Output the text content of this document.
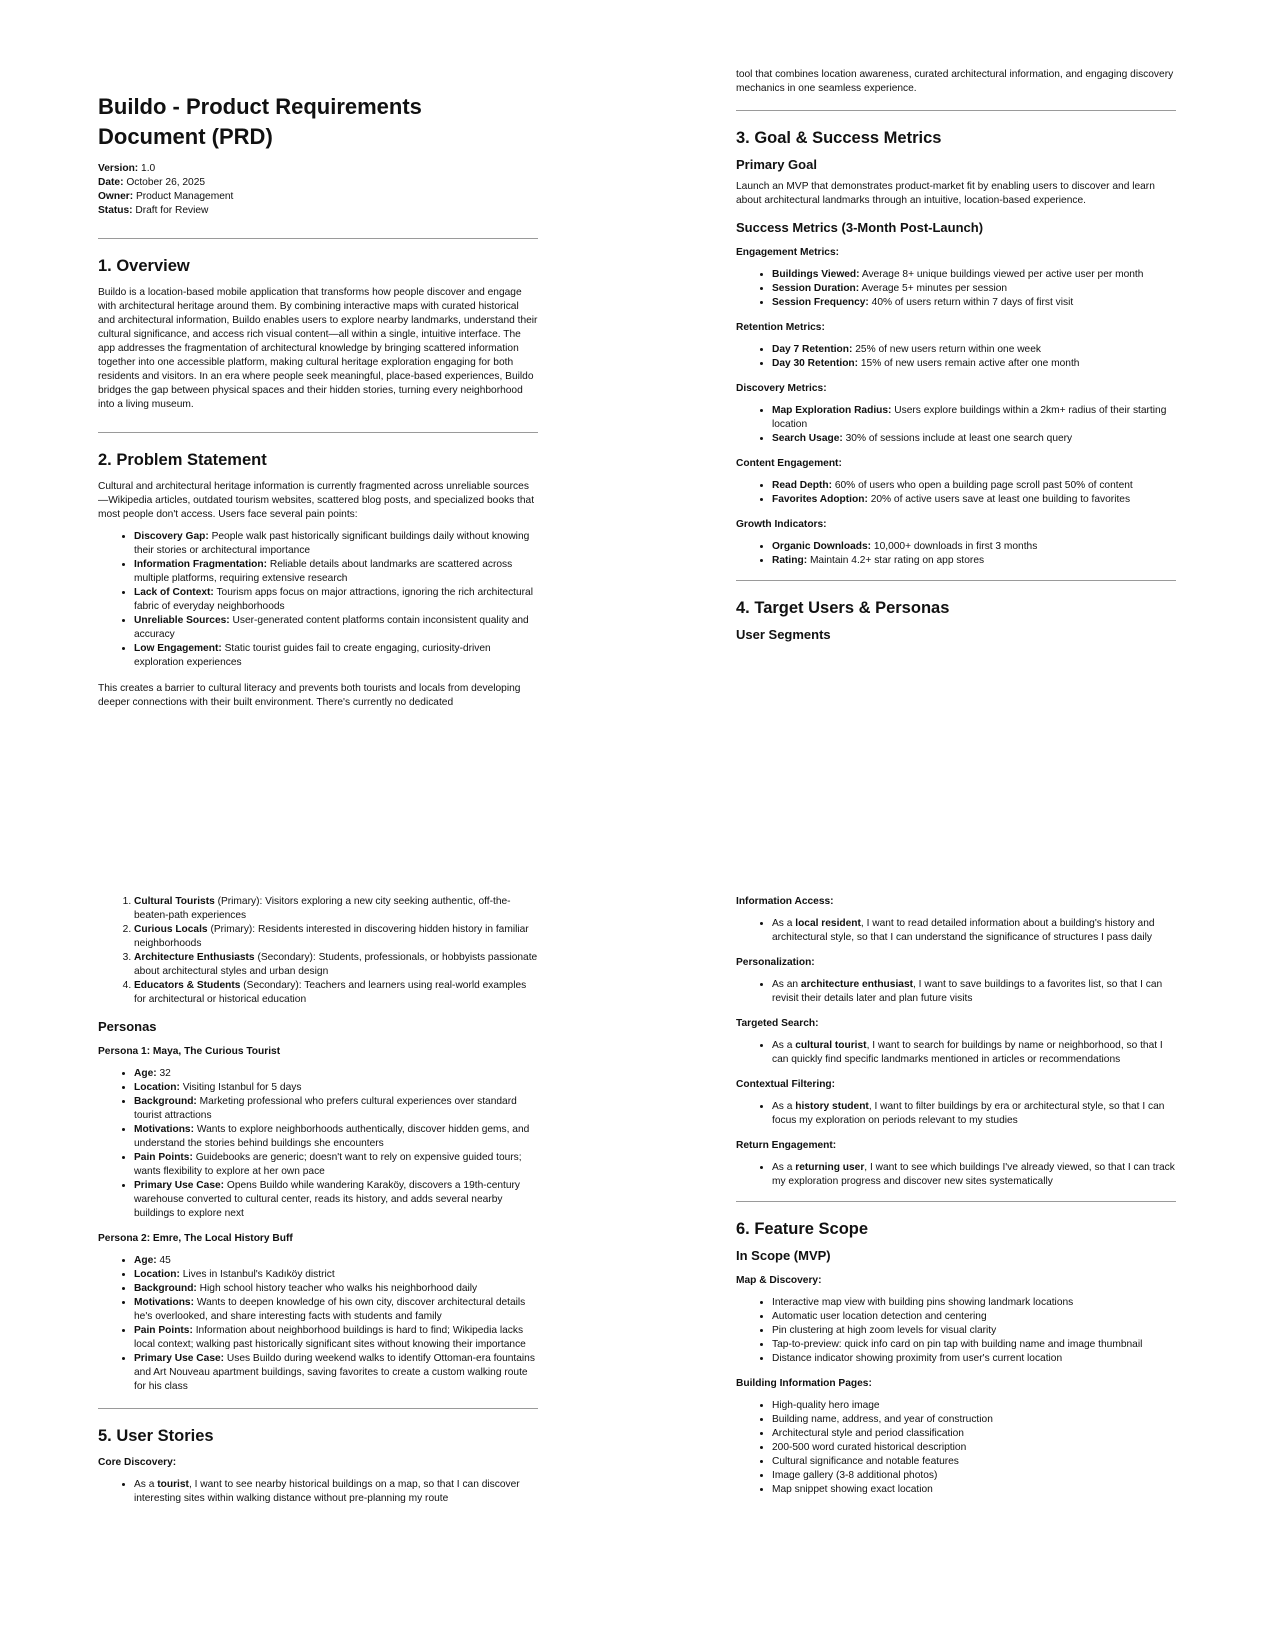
Buildo - Product Requirements Document (PRD)
Version: 1.0
Date: October 26, 2025
Owner: Product Management
Status: Draft for Review
1. Overview

Buildo is a location-based mobile application that transforms how people discover and engage with architectural heritage around them. By combining interactive maps with curated historical and architectural information, Buildo enables users to explore nearby landmarks, understand their cultural significance, and access rich visual content—all within a single, intuitive interface. The app addresses the fragmentation of architectural knowledge by bringing scattered information together into one accessible platform, making cultural heritage exploration engaging for both residents and visitors. In an era where people seek meaningful, place-based experiences, Buildo bridges the gap between physical spaces and their hidden stories, turning every neighborhood into a living museum.

2. Problem Statement

Cultural and architectural heritage information is currently fragmented across unreliable sources—Wikipedia articles, outdated tourism websites, scattered blog posts, and specialized books that most people don't access. Users face several pain points:

• Discovery Gap: People walk past historically significant buildings daily without knowing their stories or architectural importance
• Information Fragmentation: Reliable details about landmarks are scattered across multiple platforms, requiring extensive research
• Lack of Context: Tourism apps focus on major attractions, ignoring the rich architectural fabric of everyday neighborhoods
• Unreliable Sources: User-generated content platforms contain inconsistent quality and accuracy
• Low Engagement: Static tourist guides fail to create engaging, curiosity-driven exploration experiences

This creates a barrier to cultural literacy and prevents both tourists and locals from developing deeper connections with their built environment. There's currently no dedicated

tool that combines location awareness, curated architectural information, and engaging discovery mechanics in one seamless experience.

3. Goal & Success Metrics
Primary Goal

Launch an MVP that demonstrates product-market fit by enabling users to discover and learn about architectural landmarks through an intuitive, location-based experience.

Success Metrics (3-Month Post-Launch)
Engagement Metrics:
• Buildings Viewed: Average 8+ unique buildings viewed per active user per month
• Session Duration: Average 5+ minutes per session
• Session Frequency: 40% of users return within 7 days of first visit
Retention Metrics:
• Day 7 Retention: 25% of new users return within one week
• Day 30 Retention: 15% of new users remain active after one month
Discovery Metrics:
• Map Exploration Radius: Users explore buildings within a 2km+ radius of their starting location
• Search Usage: 30% of sessions include at least one search query
Content Engagement:
• Read Depth: 60% of users who open a building page scroll past 50% of content
• Favorites Adoption: 20% of active users save at least one building to favorites
Growth Indicators:
• Organic Downloads: 10,000+ downloads in first 3 months
• Rating: Maintain 4.2+ star rating on app stores
4. Target Users & Personas
User Segments
1. Cultural Tourists (Primary): Visitors exploring a new city seeking authentic, off-the-beaten-path experiences
2. Curious Locals (Primary): Residents interested in discovering hidden history in familiar neighborhoods
3. Architecture Enthusiasts (Secondary): Students, professionals, or hobbyists passionate about architectural styles and urban design
4. Educators & Students (Secondary): Teachers and learners using real-world examples for architectural or historical education
Personas
Persona 1: Maya, The Curious Tourist
• Age: 32
• Location: Visiting Istanbul for 5 days
• Background: Marketing professional who prefers cultural experiences over standard tourist attractions
• Motivations: Wants to explore neighborhoods authentically, discover hidden gems, and understand the stories behind buildings she encounters
• Pain Points: Guidebooks are generic; doesn't want to rely on expensive guided tours; wants flexibility to explore at her own pace
• Primary Use Case: Opens Buildo while wandering Karaköy, discovers a 19th-century warehouse converted to cultural center, reads its history, and adds several nearby buildings to explore next
Persona 2: Emre, The Local History Buff
• Age: 45
• Location: Lives in Istanbul's Kadıköy district
• Background: High school history teacher who walks his neighborhood daily
• Motivations: Wants to deepen knowledge of his own city, discover architectural details he's overlooked, and share interesting facts with students and family
• Pain Points: Information about neighborhood buildings is hard to find; Wikipedia lacks local context; walking past historically significant sites without knowing their importance
• Primary Use Case: Uses Buildo during weekend walks to identify Ottoman-era fountains and Art Nouveau apartment buildings, saving favorites to create a custom walking route for his class
5. User Stories
Core Discovery:
• As a tourist, I want to see nearby historical buildings on a map, so that I can discover interesting sites within walking distance without pre-planning my route
Information Access:
• As a local resident, I want to read detailed information about a building's history and architectural style, so that I can understand the significance of structures I pass daily
Personalization:
• As an architecture enthusiast, I want to save buildings to a favorites list, so that I can revisit their details later and plan future visits
Targeted Search:
• As a cultural tourist, I want to search for buildings by name or neighborhood, so that I can quickly find specific landmarks mentioned in articles or recommendations
Contextual Filtering:
• As a history student, I want to filter buildings by era or architectural style, so that I can focus my exploration on periods relevant to my studies
Return Engagement:
• As a returning user, I want to see which buildings I've already viewed, so that I can track my exploration progress and discover new sites systematically
6. Feature Scope
In Scope (MVP)
Map & Discovery:
• Interactive map view with building pins showing landmark locations
• Automatic user location detection and centering
• Pin clustering at high zoom levels for visual clarity
• Tap-to-preview: quick info card on pin tap with building name and image thumbnail
• Distance indicator showing proximity from user's current location
Building Information Pages:
• High-quality hero image
• Building name, address, and year of construction
• Architectural style and period classification
• 200-500 word curated historical description
• Cultural significance and notable features
• Image gallery (3-8 additional photos)
• Map snippet showing exact location
